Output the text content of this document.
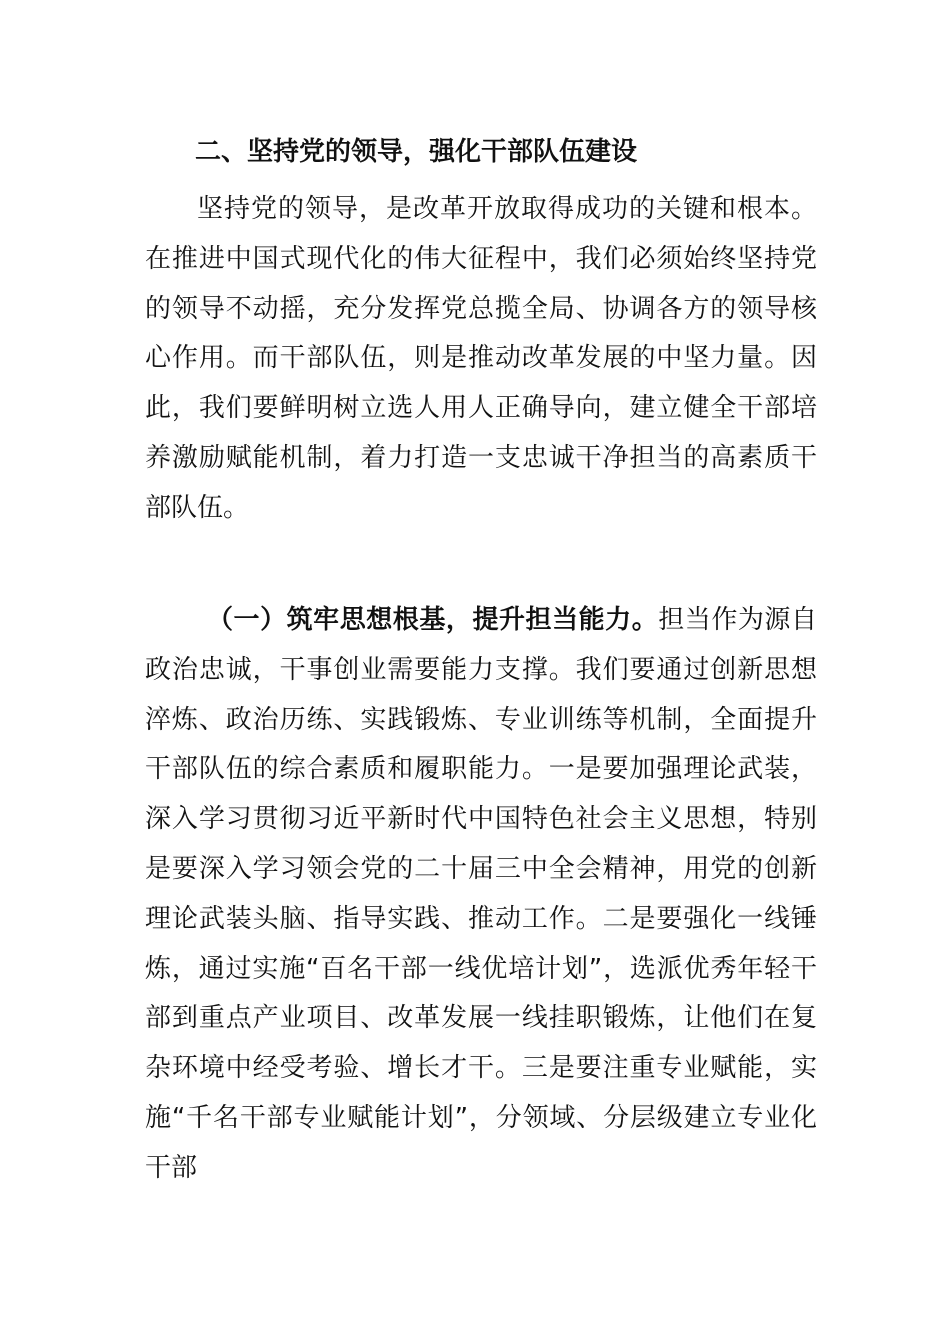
二、坚持党的领导，强化干部队伍建设

坚持党的领导，是改革开放取得成功的关键和根本。在推进中国式现代化的伟大征程中，我们必须始终坚持党的领导不动摇，充分发挥党总揽全局、协调各方的领导核心作用。而干部队伍，则是推动改革发展的中坚力量。因此，我们要鲜明树立选人用人正确导向，建立健全干部培养激励赋能机制，着力打造一支忠诚干净担当的高素质干部队伍。

（一）筑牢思想根基，提升担当能力。担当作为源自政治忠诚，干事创业需要能力支撑。我们要通过创新思想淬炼、政治历练、实践锻炼、专业训练等机制，全面提升干部队伍的综合素质和履职能力。一是要加强理论武装，深入学习贯彻习近平新时代中国特色社会主义思想，特别是要深入学习领会党的二十届三中全会精神，用党的创新理论武装头脑、指导实践、推动工作。二是要强化一线锤炼，通过实施“百名干部一线优培计划”，选派优秀年轻干部到重点产业项目、改革发展一线挂职锻炼，让他们在复杂环境中经受考验、增长才干。三是要注重专业赋能，实施“千名干部专业赋能计划”，分领域、分层级建立专业化干部
